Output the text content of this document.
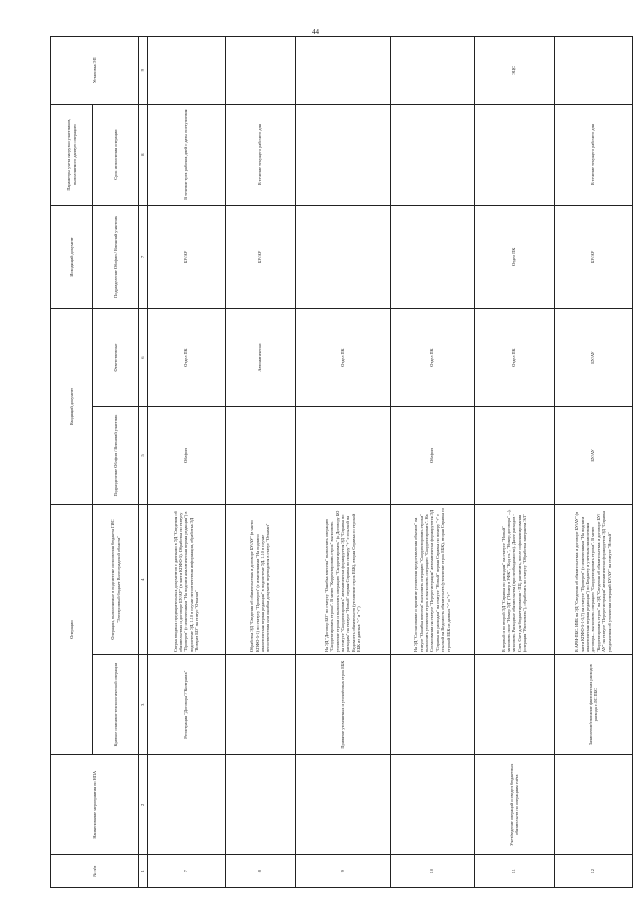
44
№ п/п	Наименование мероприятия по НПА	Операции		Входящий документ		Исходящий документ	Параметры учета нагрузки участников, выполняемого данную операцию	Установка ЭП
		Краткое описание технологической операции	Операции, выполняемые в подсистеме исполнения бюджета ГИС "Электронный бюджет Волгоградской области"	Подразделение Облфин / Внешний участник	Ответственные	Подразделение Облфин / Внешний участник	Срок исполнения операции	
1	2	3	4	5	6	7	8	9
7		Регистрация "Договора"/"Контракта"	Сверка вводных предварительных документов с данными в ЭД "Сведения об обязательствах и договоре БУ/АУ" (в части КПФО-5). Обработка по статусу "Проверен" (с изменениями "На подписи аналитическая верная редакция") в подсистеме ЭД. 1.10 в случае несоответствия информации, обработка ЭД "Возврат БО" на статус "Отказан"	Облфин	Отдел ПК	БУ/АУ	В течение трех рабочих дней с даты поступления	
8			Обработка ЭД "Сведения об обязательствах и договоре БУ/АУ" (в части КПФО-5-1) по статусу "Проверен" (с изменениями "На подписи аналитическая верная редакция" в подсистеме ЭД. 1.10 в случае несоответствия или ошибки документ переводится в статус "Отказан"		Автоматически	БУ/АУ	В течение текущего рабочего дня	
9		Принятие уточняемых и уточнённых строк ЕБК	На ЭД "Договор БО" по статусу "Ошибка внесена" выполнить операцию "Скорректировать строки". В меню "Корректировать строк" выполнить уточнение строки и выполнить операцию "Скорректировать" (к Договору БО на статусе "Скорректировать" автоматически формируется ЭД "Справка по расходам" на статусе "Новый" первая Справка по номеру "+" с ссылкой на Ведомость обязательств (уточнение строк ЕБК), вторая Справка со строкой ЕБК из данных "-" и "+")		Отдел ПК			
10			На ЭД "Согласование и принятие уточнения предоставления объемов" на статусе "Ошибка внесена" выполнить операцию "Скорректировать строки" выполнить уточнение строк и выполнить операцию "Скорректировать". На Согласовании на статусе "Перерегистрация" автоматически формируются ЭД "Справка по расходам" на статусе "Новый" первая Справка по номеру "+" с ссылкой на Ведомость обязательств (уточнение строк ЕБК), вторая Справка со строкой ЕБК из данных "-" и "+"	Облфин	Отдел ПК			
11	Учет/ведение операций и сведен бюджетных обязательств по операциям счёта		В первый и во второй ЭД "Справка по расходам" на статусе "Новый" заполнить поле "Номер ЭД" ("Номер в УФК", "Код сч.", "Номер договора" ...), заполнить Расходные обязательства (при необходимости). Далее расходов - Счет. Счет для бюджетирования - ПЦ, расчитать, после софинансирования (операция "Рассчитать"), обработать по статусу "Обработка завершена ЭЛ"		Отдел ПК	Отдел ПК		ЭЦС
12		Зачисление/списание фактических расходов расхода с ЛС ПБС	В АРМ-ПБС. ИИБ на ЭД "Сведения об обязательствах и договоре БУ/АУ" (в части КПФО-5-1-5,7) на статусе "Проверен" (с изменениями "На подписи аналитическая верная редакция") по Бюджету и учетным начислениям договора... выполнить операцию "Скорректировать строки". В меню "Корректировать строк" на ЭД "Сведения об обязательствах и договоре БУ/АУ" на статусе "Перерегистрация" автоматически формируется ЭД "Справка уведомления об уточнении операций БУ/АУ" на статусе "Новый"	БУ/АУ	БУ/АУ	БУ/АУ	В течение текущего рабочего дня	
